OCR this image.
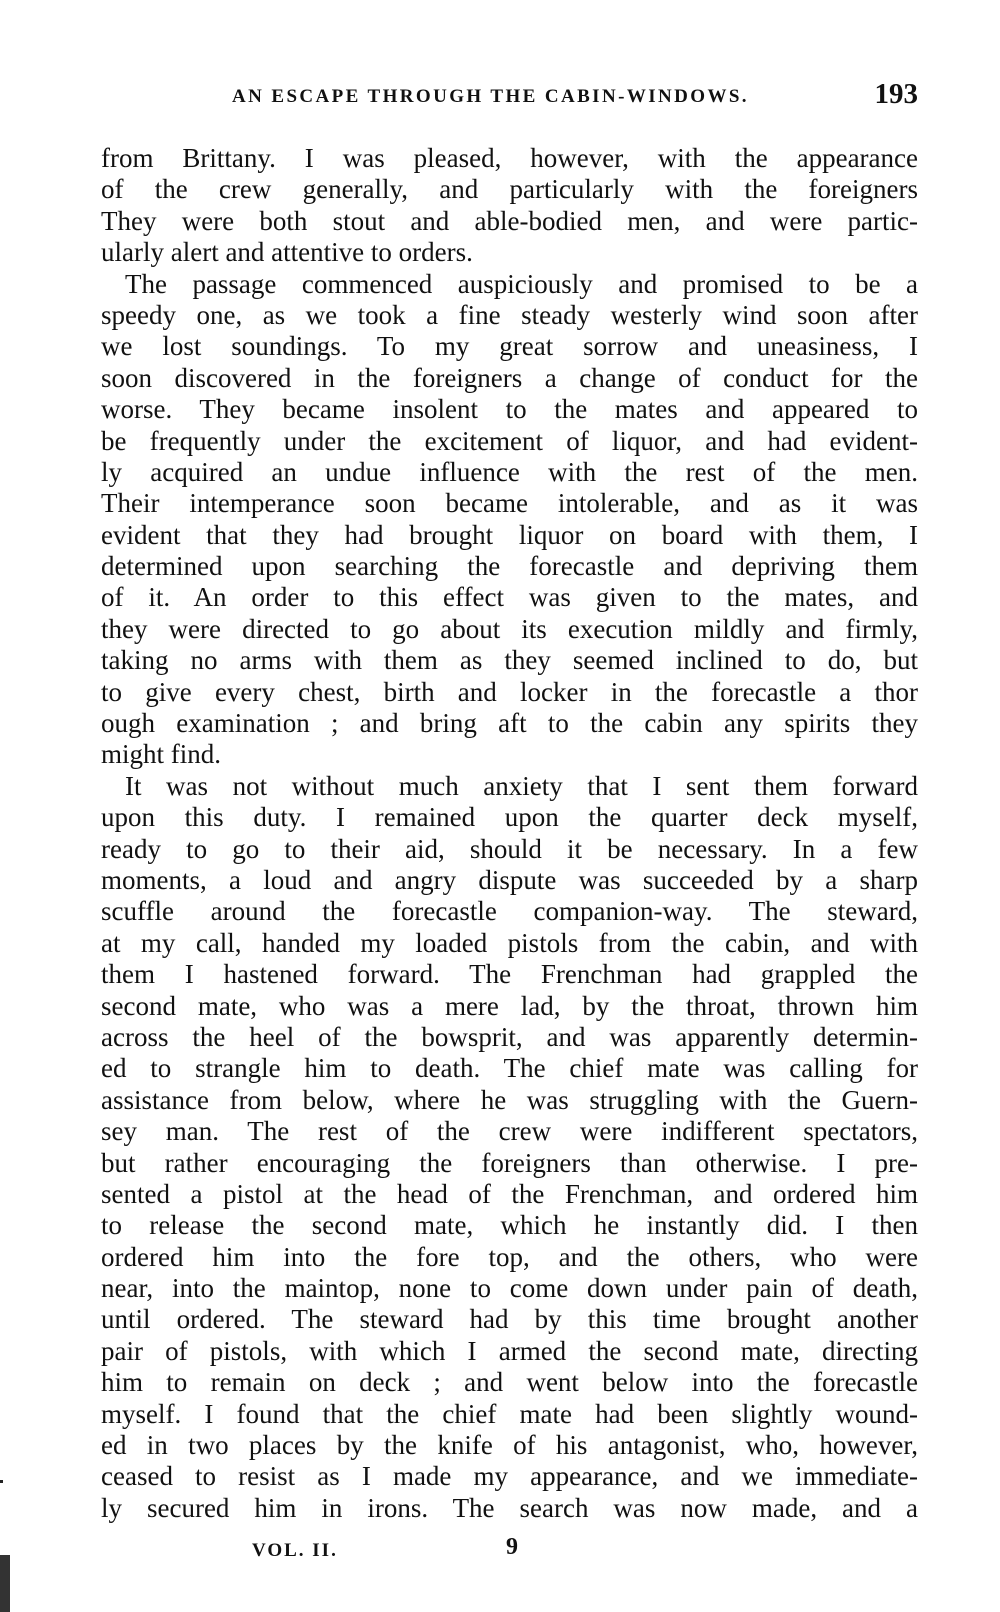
AN ESCAPE THROUGH THE CABIN-WINDOWS.	193
from Brittany. I was pleased, however, with the appearance
of the crew generally, and particularly with the foreigners
They were both stout and able-bodied men, and were partic-
ularly alert and attentive to orders.
The passage commenced auspiciously and promised to be a
speedy one, as we took a fine steady westerly wind soon after
we lost soundings. To my great sorrow and uneasiness, I
soon discovered in the foreigners a change of conduct for the
worse. They became insolent to the mates and appeared to
be frequently under the excitement of liquor, and had evident-
ly acquired an undue influence with the rest of the men.
Their intemperance soon became intolerable, and as it was
evident that they had brought liquor on board with them, I
determined upon searching the forecastle and depriving them
of it. An order to this effect was given to the mates, and
they were directed to go about its execution mildly and firmly,
taking no arms with them as they seemed inclined to do, but
to give every chest, birth and locker in the forecastle a thor
ough examination ; and bring aft to the cabin any spirits they
might find.
It was not without much anxiety that I sent them forward
upon this duty. I remained upon the quarter deck myself,
ready to go to their aid, should it be necessary. In a few
moments, a loud and angry dispute was succeeded by a sharp
scuffle around the forecastle companion-way. The steward,
at my call, handed my loaded pistols from the cabin, and with
them I hastened forward. The Frenchman had grappled the
second mate, who was a mere lad, by the throat, thrown him
across the heel of the bowsprit, and was apparently determin-
ed to strangle him to death. The chief mate was calling for
assistance from below, where he was struggling with the Guern-
sey man. The rest of the crew were indifferent spectators,
but rather encouraging the foreigners than otherwise. I pre-
sented a pistol at the head of the Frenchman, and ordered him
to release the second mate, which he instantly did. I then
ordered him into the fore top, and the others, who were
near, into the maintop, none to come down under pain of death,
until ordered. The steward had by this time brought another
pair of pistols, with which I armed the second mate, directing
him to remain on deck ; and went below into the forecastle
myself. I found that the chief mate had been slightly wound-
ed in two places by the knife of his antagonist, who, however,
ceased to resist as I made my appearance, and we immediate-
ly secured him in irons. The search was now made, and a
VOL. II.	9
